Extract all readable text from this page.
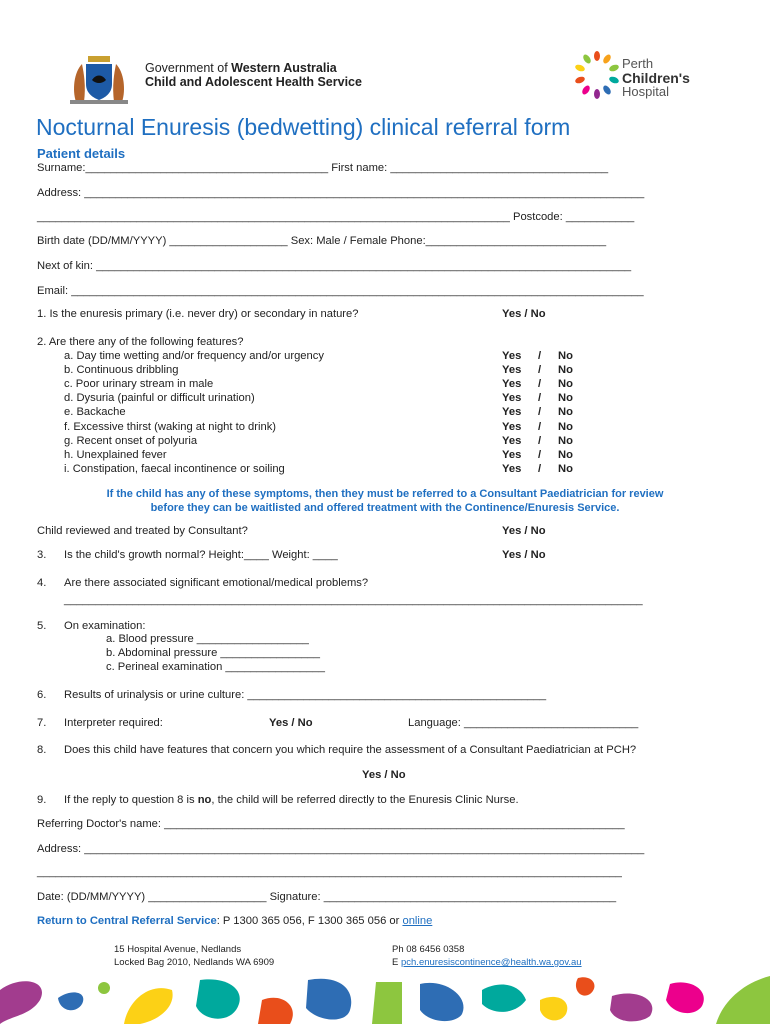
Government of Western Australia
Child and Adolescent Health Service
Perth
Children's
Hospital
Nocturnal Enuresis (bedwetting) clinical referral form
Patient details
Surname:_______________________________________ First name: ___________________________________
Address: __________________________________________________________________________________________
____________________________________________________________________________ Postcode: ___________
Birth date (DD/MM/YYYY) ___________________ Sex: Male / Female Phone:_____________________________
Next of kin: ______________________________________________________________________________________
Email: ____________________________________________________________________________________________
1. Is the enuresis primary (i.e. never dry) or secondary in nature?	Yes / No
2. Are there any of the following features?
a. Day time wetting and/or frequency and/or urgency	Yes / No
b. Continuous dribbling	Yes / No
c. Poor urinary stream in male	Yes / No
d. Dysuria (painful or difficult urination)	Yes / No
e. Backache	Yes / No
f. Excessive thirst (waking at night to drink)	Yes / No
g. Recent onset of polyuria	Yes / No
h. Unexplained fever	Yes / No
i. Constipation, faecal incontinence or soiling	Yes / No
If the child has any of these symptoms, then they must be referred to a Consultant Paediatrician for review
before they can be waitlisted and offered treatment with the Continence/Enuresis Service.
Child reviewed and treated by Consultant?	Yes / No
3. Is the child's growth normal? Height:____ Weight: ____	Yes / No
4. Are there associated significant emotional/medical problems?
_____________________________________________________________________________________________
5. On examination:
a. Blood pressure __________________
b. Abdominal pressure ________________
c. Perineal examination ________________
6. Results of urinalysis or urine culture: ________________________________________________
7. Interpreter required:	Yes / No	Language: ____________________________
8. Does this child have features that concern you which require the assessment of a Consultant Paediatrician at PCH?
Yes / No
9. If the reply to question 8 is no, the child will be referred directly to the Enuresis Clinic Nurse.
Referring Doctor's name: __________________________________________________________________________
Address: __________________________________________________________________________________________
______________________________________________________________________________________________
Date: (DD/MM/YYYY) ___________________ Signature: _______________________________________________
Return to Central Referral Service: P 1300 365 056, F 1300 365 056 or online
15 Hospital Avenue, Nedlands
Locked Bag 2010, Nedlands WA 6909
Ph 08 6456 0358
E pch.enuresiscontinence@health.wa.gov.au
